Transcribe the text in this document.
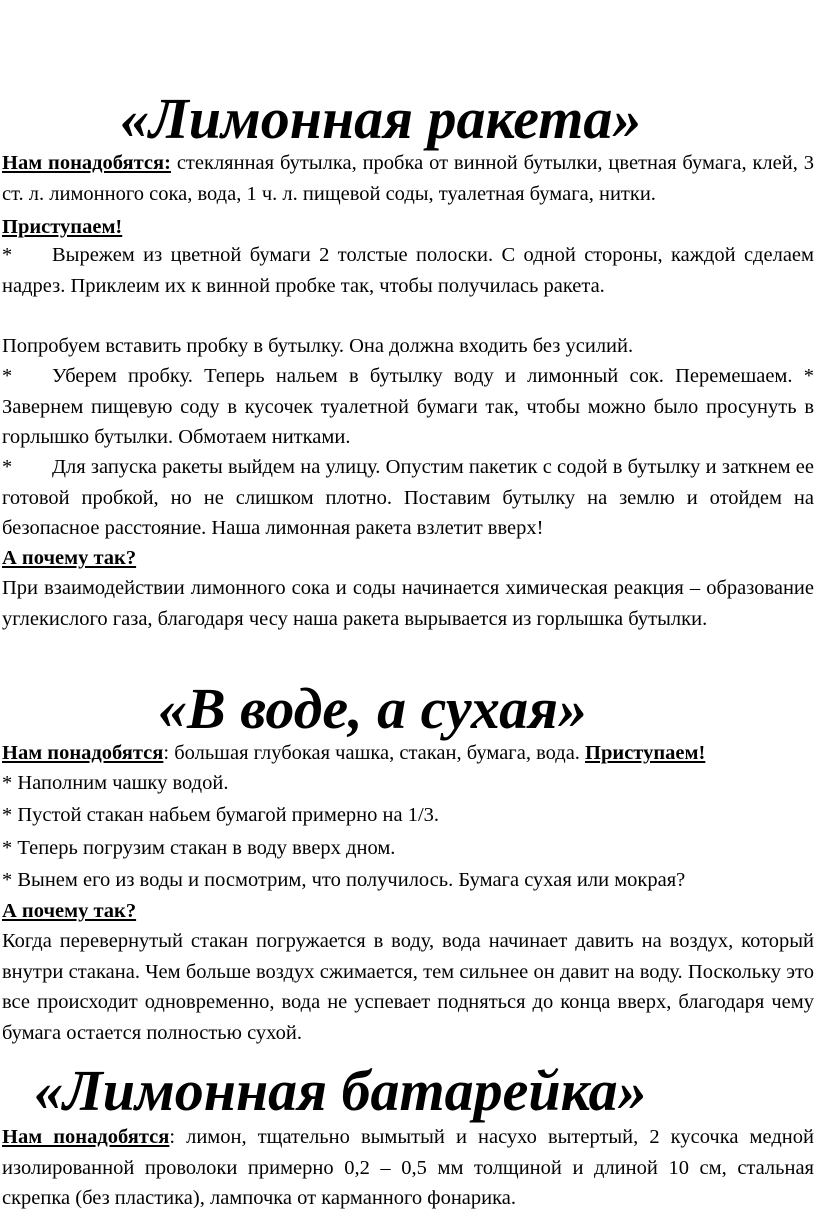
«Лимонная ракета»

Нам понадобятся: стеклянная бутылка, пробка от винной бутылки, цветная бумага, клей, 3 ст. л. лимонного сока, вода, 1 ч. л. пищевой соды, туалетная бумага, нитки.

Приступаем!

* Вырежем из цветной бумаги 2 толстые полоски. С одной стороны, каждой сделаем надрез. Приклеим их к винной пробке так, чтобы получилась ракета.

Попробуем вставить пробку в бутылку. Она должна входить без усилий.

* Уберем пробку. Теперь нальем в бутылку воду и лимонный сок. Перемешаем. * Завернем пищевую соду в кусочек туалетной бумаги так, чтобы можно было просунуть в горлышко бутылки. Обмотаем нитками.

* Для запуска ракеты выйдем на улицу. Опустим пакетик с содой в бутылку и заткнем ее готовой пробкой, но не слишком плотно. Поставим бутылку на землю и отойдем на безопасное расстояние. Наша лимонная ракета взлетит вверх!

А почему так?

При взаимодействии лимонного сока и соды начинается химическая реакция – образование углекислого газа, благодаря чесу наша ракета вырывается из горлышка бутылки.

«В воде, а сухая»

Нам понадобятся: большая глубокая чашка, стакан, бумага, вода. Приступаем!

* Наполним чашку водой.

* Пустой стакан набьем бумагой примерно на 1/3.

* Теперь погрузим стакан в воду вверх дном.

* Вынем его из воды и посмотрим, что получилось. Бумага сухая или мокрая?

А почему так?

Когда перевернутый стакан погружается в воду, вода начинает давить на воздух, который внутри стакана. Чем больше воздух сжимается, тем сильнее он давит на воду. Поскольку это все происходит одновременно, вода не успевает подняться до конца вверх, благодаря чему бумага остается полностью сухой.

«Лимонная батарейка»

Нам понадобятся: лимон, тщательно вымытый и насухо вытертый, 2 кусочка медной изолированной проволоки примерно 0,2 – 0,5 мм толщиной и длиной 10 см, стальная скрепка (без пластика), лампочка от карманного фонарика.
